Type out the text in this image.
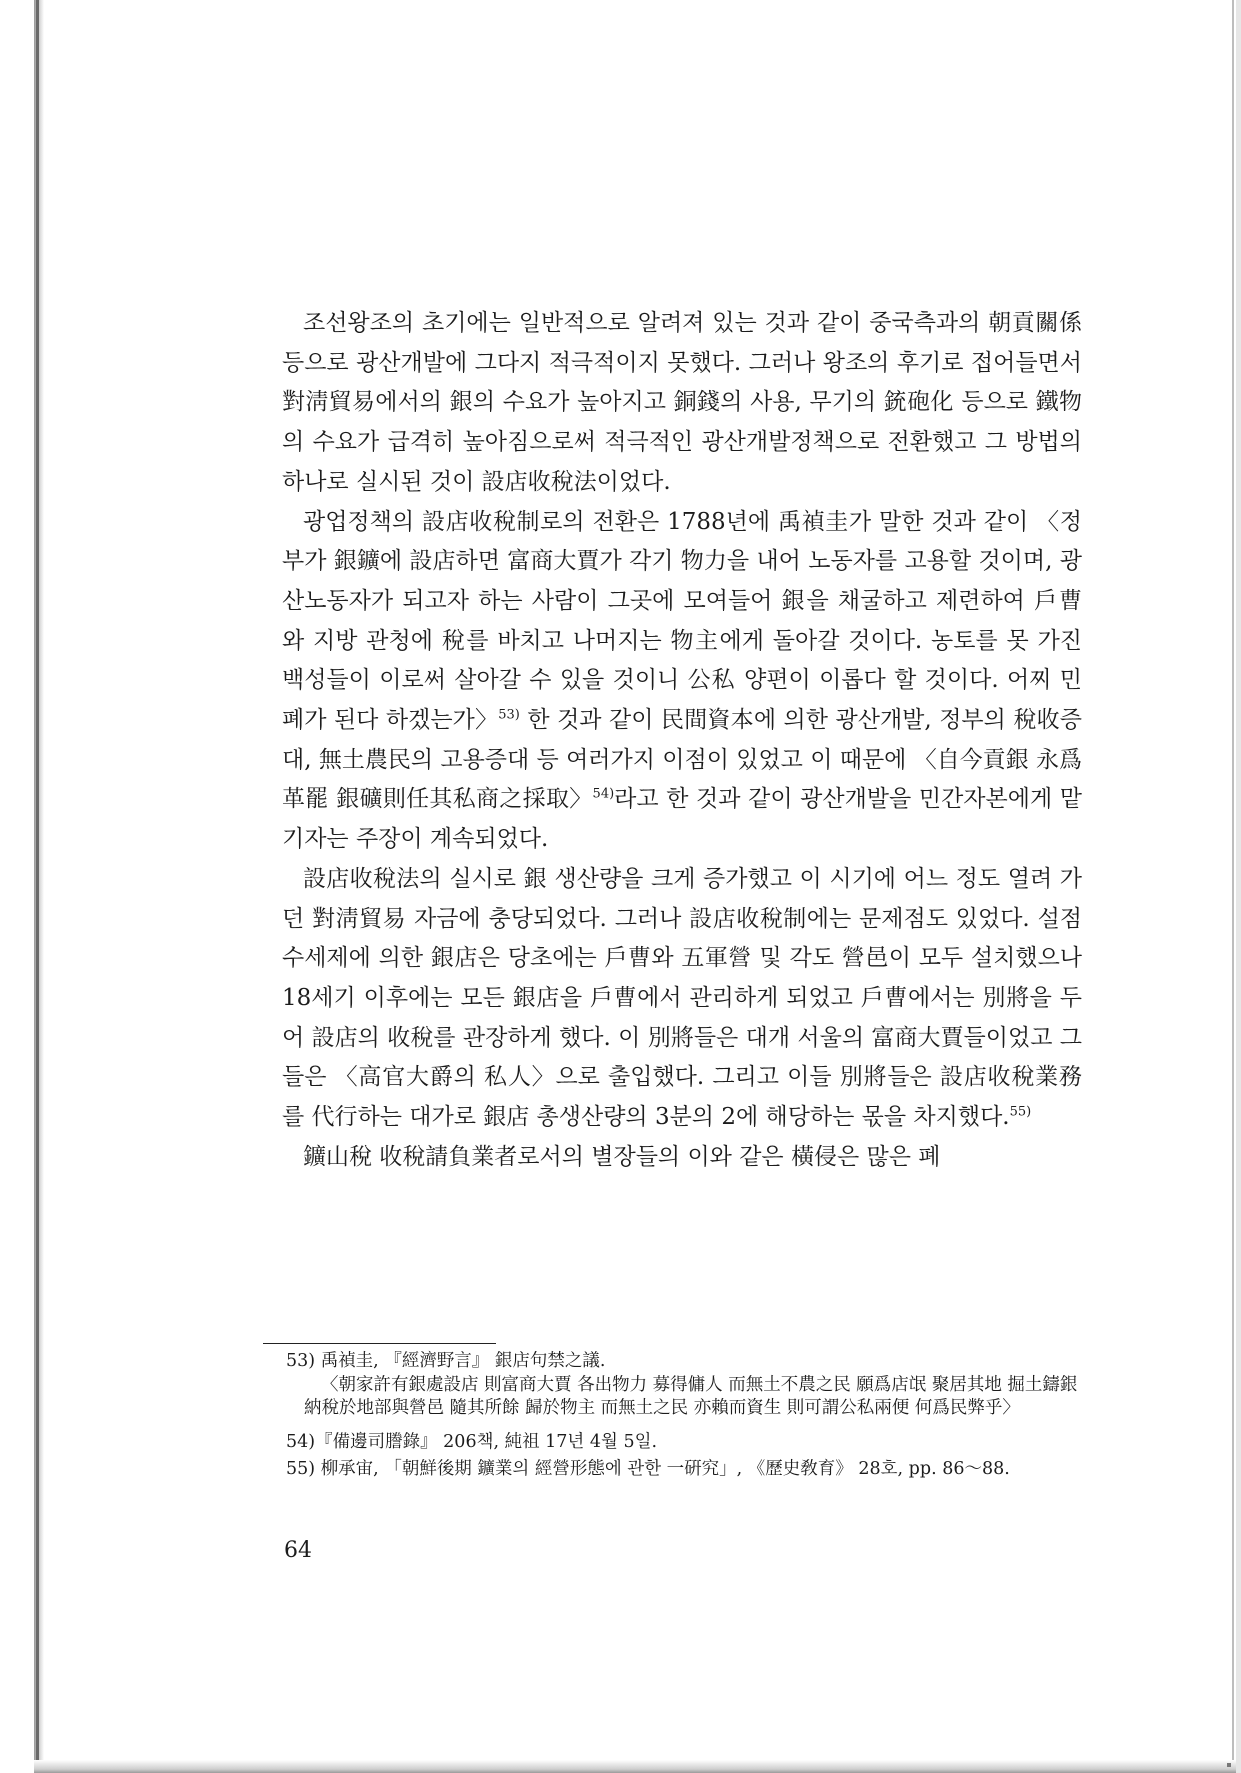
조선왕조의 초기에는 일반적으로 알려져 있는 것과 같이 중국측과의 朝貢關係 등으로 광산개발에 그다지 적극적이지 못했다. 그러나 왕조의 후기로 접어들면서 對淸貿易에서의 銀의 수요가 높아지고 銅錢의 사용, 무기의 銃砲化 등으로 鐵物의 수요가 급격히 높아짐으로써 적극적인 광산개발정책으로 전환했고 그 방법의 하나로 실시된 것이 設店收稅法이었다.

광업정책의 設店收稅制로의 전환은 1788년에 禹禎圭가 말한 것과 같이 〈정부가 銀鑛에 設店하면 富商大賈가 각기 物力을 내어 노동자를 고용할 것이며, 광산노동자가 되고자 하는 사람이 그곳에 모여들어 銀을 채굴하고 제련하여 戶曹와 지방 관청에 稅를 바치고 나머지는 物主에게 돌아갈 것이다. 농토를 못 가진 백성들이 이로써 살아갈 수 있을 것이니 公私 양편이 이롭다 할 것이다. 어찌 민폐가 된다 하겠는가〉$^{53)}$ 한 것과 같이 民間資本에 의한 광산개발, 정부의 稅收증대, 無土農民의 고용증대 등 여러가지 이점이 있었고 이 때문에 〈自今貢銀 永爲革罷 銀礦則任其私商之採取〉$^{54)}$라고 한 것과 같이 광산개발을 민간자본에게 맡기자는 주장이 계속되었다.

設店收稅法의 실시로 銀 생산량을 크게 증가했고 이 시기에 어느 정도 열려 가던 對淸貿易 자금에 충당되었다. 그러나 設店收稅制에는 문제점도 있었다. 설점수세제에 의한 銀店은 당초에는 戶曹와 五軍營 및 각도 營邑이 모두 설치했으나 18세기 이후에는 모든 銀店을 戶曹에서 관리하게 되었고 戶曹에서는 別將을 두어 設店의 收稅를 관장하게 했다. 이 別將들은 대개 서울의 富商大賈들이었고 그들은 〈高官大爵의 私人〉으로 출입했다. 그리고 이들 別將들은 設店收稅業務를 代行하는 대가로 銀店 총생산량의 3분의 2에 해당하는 몫을 차지했다.$^{55)}$

鑛山稅 收稅請負業者로서의 별장들의 이와 같은 橫侵은 많은 폐

53) 禹禎圭, 『經濟野言』 銀店句禁之議.

〈朝家許有銀處設店 則富商大賈 各出物力 募得傭人 而無土不農之民 願爲店氓 聚居其地 掘土鑄銀 納稅於地部與營邑 隨其所餘 歸於物主 而無土之民 亦賴而資生 則可謂公私兩便 何爲民弊乎〉

54)『備邊司謄錄』 206책, 純祖 17년 4월 5일.

55) 柳承宙, 「朝鮮後期 鑛業의 經營形態에 관한 一硏究」, 《歷史敎育》 28호, pp. 86～88.

64
